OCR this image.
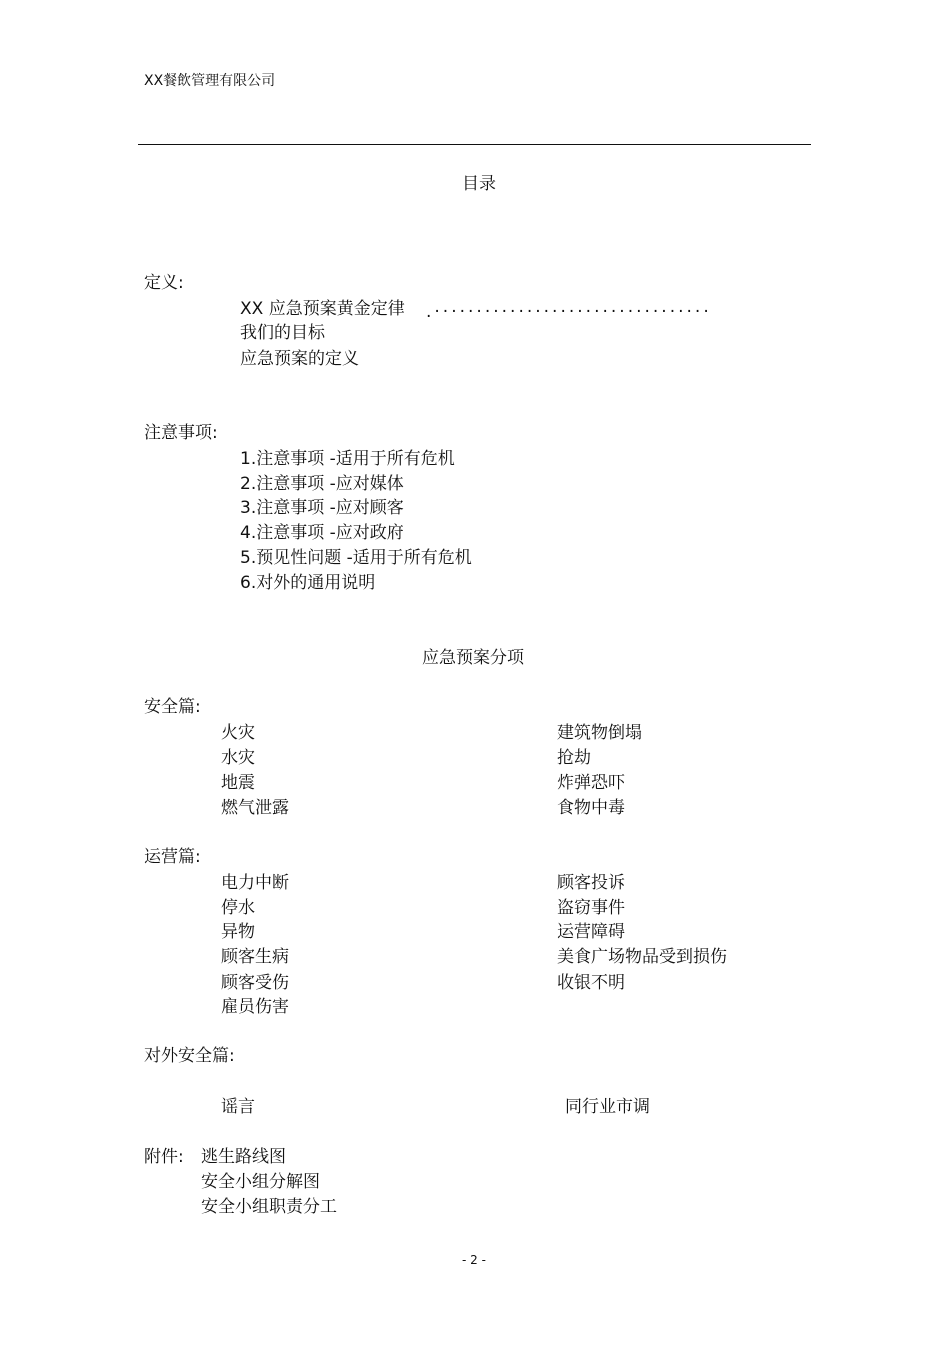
XX餐飲管理有限公司
目录
定义:
XX 应急预案黄金定律 .·································
我们的目标
应急预案的定义
注意事项:
1.注意事项 -适用于所有危机
2.注意事项 -应对媒体
3.注意事项 -应对顾客
4.注意事项 -应对政府
5.预见性问题 -适用于所有危机
6.对外的通用说明
应急预案分项
安全篇:
火灾
水灾
地震
燃气泄露
建筑物倒塌
抢劫
炸弹恐吓
食物中毒
运营篇:
电力中断
停水
异物
顾客生病
顾客受伤
雇员伤害
顾客投诉
盗窃事件
运营障碍
美食广场物品受到损伤
收银不明
对外安全篇:
谣言	同行业市调
附件: 逃生路线图
安全小组分解图
安全小组职责分工
- 2 -
